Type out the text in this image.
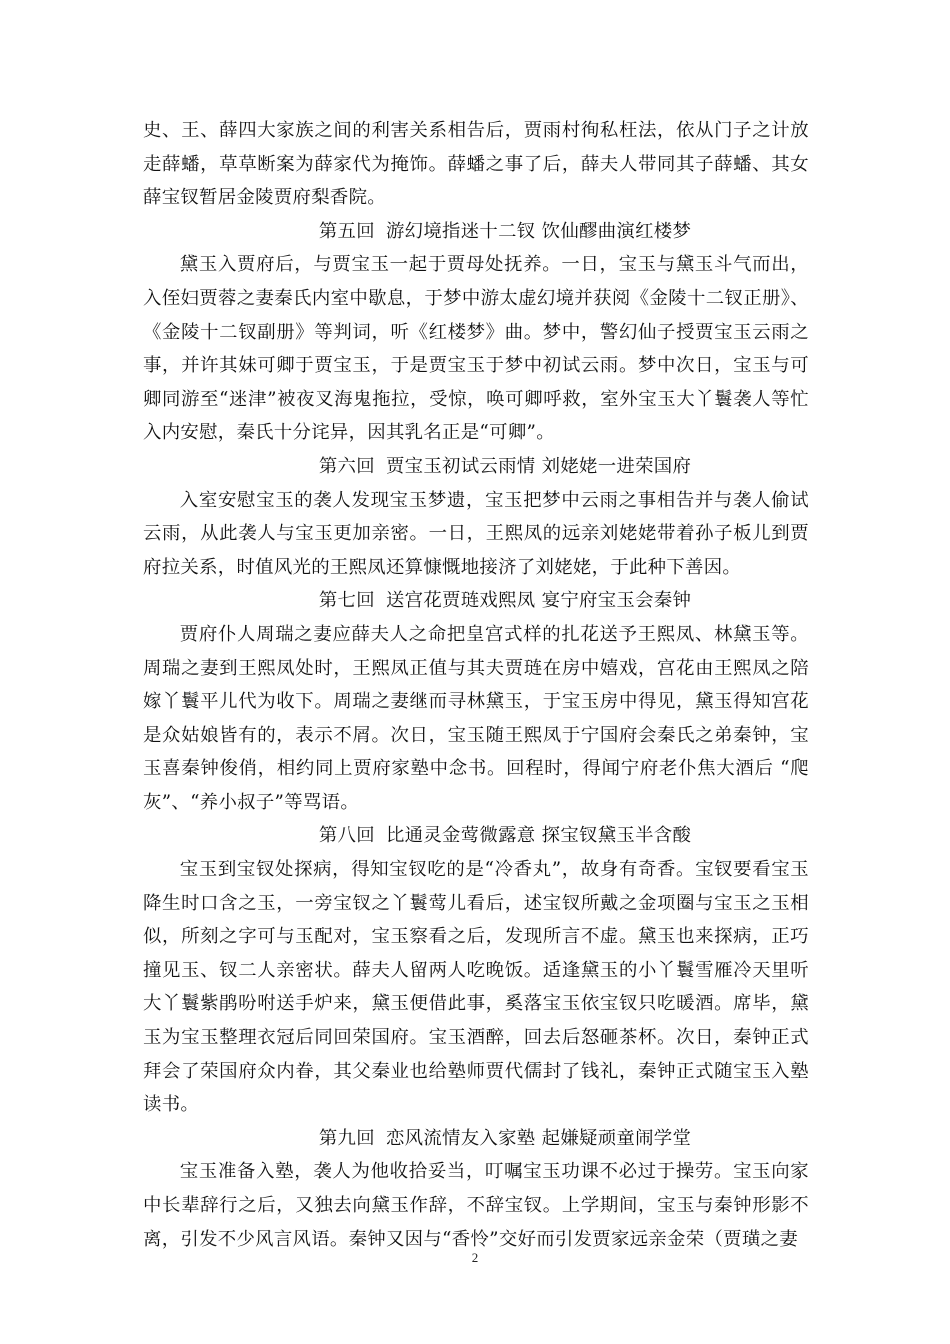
史、王、薛四大家族之间的利害关系相告后，贾雨村徇私枉法，依从门子之计放走薛蟠，草草断案为薛家代为掩饰。薛蟠之事了后，薛夫人带同其子薛蟠、其女薛宝钗暂居金陵贾府梨香院。

第五回 游幻境指迷十二钗 饮仙醪曲演红楼梦

黛玉入贾府后，与贾宝玉一起于贾母处抚养。一日，宝玉与黛玉斗气而出，入侄妇贾蓉之妻秦氏内室中歇息，于梦中游太虚幻境并获阅《金陵十二钗正册》、《金陵十二钗副册》等判词，听《红楼梦》曲。梦中，警幻仙子授贾宝玉云雨之事，并许其妹可卿于贾宝玉，于是贾宝玉于梦中初试云雨。梦中次日，宝玉与可卿同游至“迷津”被夜叉海鬼拖拉，受惊，唤可卿呼救，室外宝玉大丫鬟袭人等忙入内安慰，秦氏十分诧异，因其乳名正是“可卿”。

第六回 贾宝玉初试云雨情 刘姥姥一进荣国府

入室安慰宝玉的袭人发现宝玉梦遗，宝玉把梦中云雨之事相告并与袭人偷试云雨，从此袭人与宝玉更加亲密。一日，王熙凤的远亲刘姥姥带着孙子板儿到贾府拉关系，时值风光的王熙凤还算慷慨地接济了刘姥姥，于此种下善因。

第七回 送宫花贾琏戏熙凤 宴宁府宝玉会秦钟

贾府仆人周瑞之妻应薛夫人之命把皇宫式样的扎花送予王熙凤、林黛玉等。周瑞之妻到王熙凤处时，王熙凤正值与其夫贾琏在房中嬉戏，宫花由王熙凤之陪嫁丫鬟平儿代为收下。周瑞之妻继而寻林黛玉，于宝玉房中得见，黛玉得知宫花是众姑娘皆有的，表示不屑。次日，宝玉随王熙凤于宁国府会秦氏之弟秦钟，宝玉喜秦钟俊俏，相约同上贾府家塾中念书。回程时，得闻宁府老仆焦大酒后 “爬灰”、“养小叔子”等骂语。

第八回 比通灵金莺微露意 探宝钗黛玉半含酸

宝玉到宝钗处探病，得知宝钗吃的是“冷香丸”，故身有奇香。宝钗要看宝玉降生时口含之玉，一旁宝钗之丫鬟莺儿看后，述宝钗所戴之金项圈与宝玉之玉相似，所刻之字可与玉配对，宝玉察看之后，发现所言不虚。黛玉也来探病，正巧撞见玉、钗二人亲密状。薛夫人留两人吃晚饭。适逢黛玉的小丫鬟雪雁冷天里听大丫鬟紫鹃吩咐送手炉来，黛玉便借此事，奚落宝玉依宝钗只吃暖酒。席毕，黛玉为宝玉整理衣冠后同回荣国府。宝玉酒醉，回去后怒砸茶杯。次日，秦钟正式拜会了荣国府众内眷，其父秦业也给塾师贾代儒封了钱礼，秦钟正式随宝玉入塾读书。

第九回 恋风流情友入家塾 起嫌疑顽童闹学堂

宝玉准备入塾，袭人为他收拾妥当，叮嘱宝玉功课不必过于操劳。宝玉向家中长辈辞行之后，又独去向黛玉作辞，不辞宝钗。上学期间，宝玉与秦钟形影不离，引发不少风言风语。秦钟又因与“香怜”交好而引发贾家远亲金荣（贾璜之妻

2
